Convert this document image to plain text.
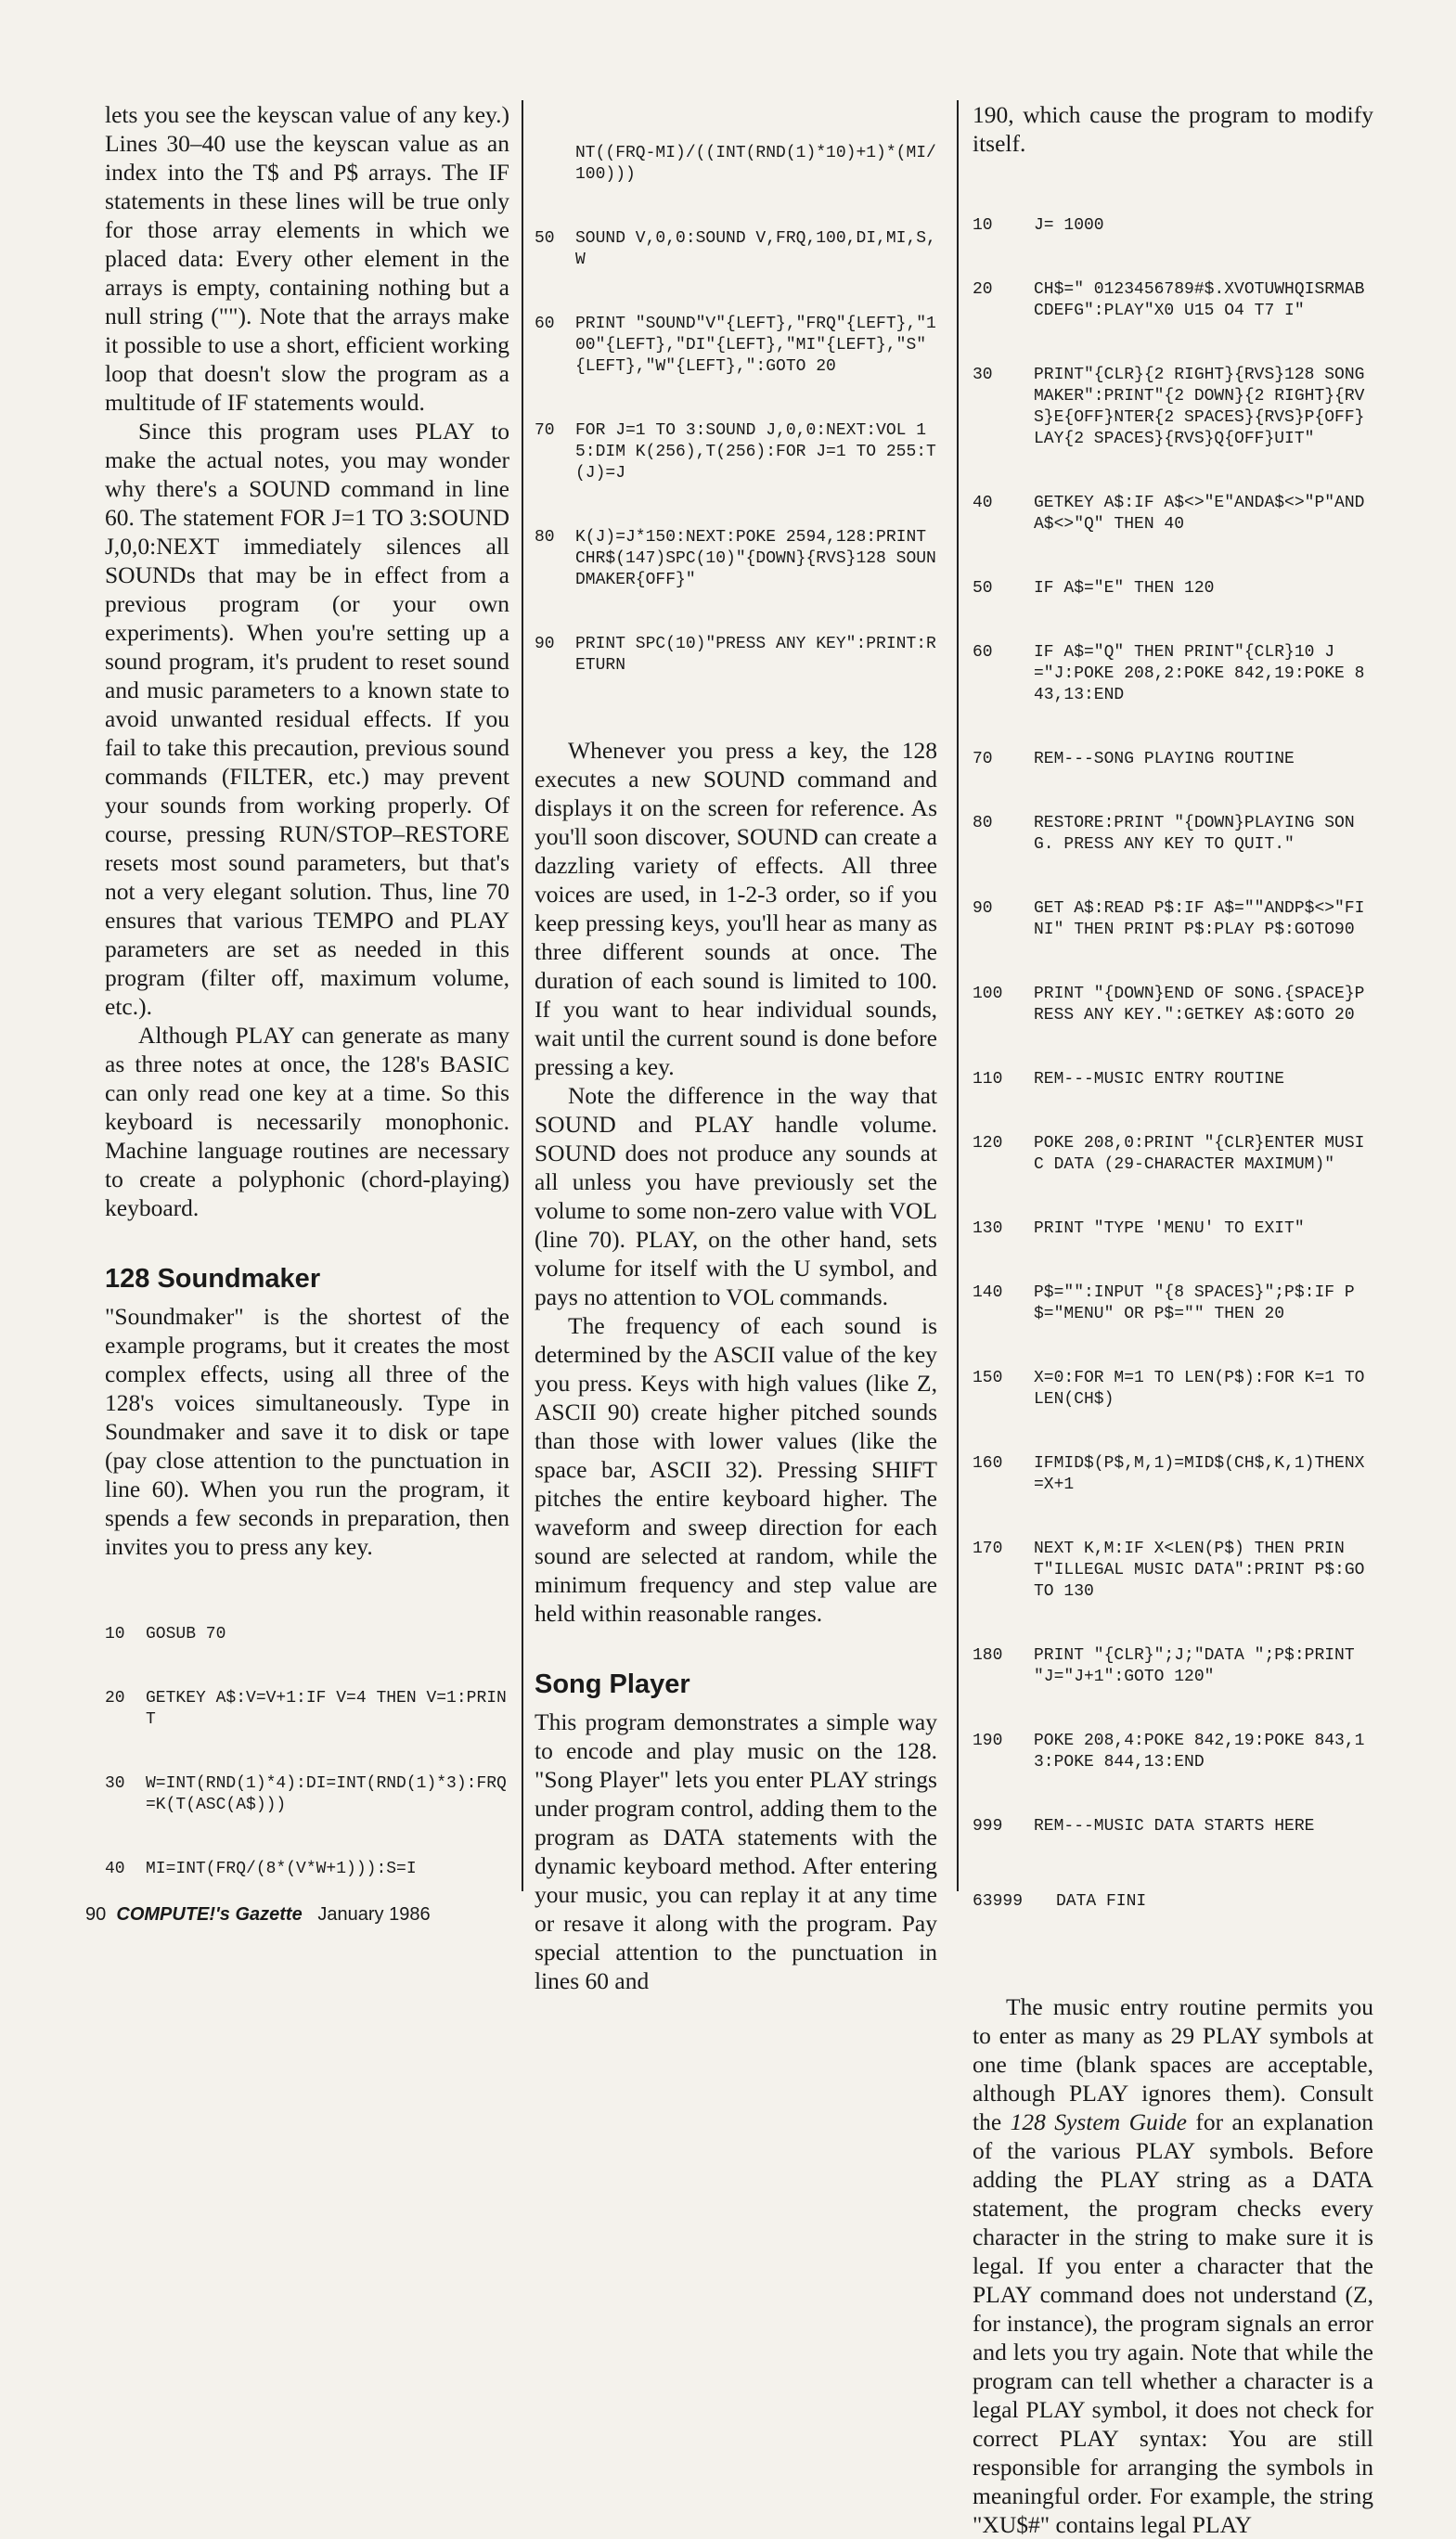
lets you see the keyscan value of any key.) Lines 30–40 use the keyscan value as an index into the T$ and P$ arrays. The IF statements in these lines will be true only for those array elements in which we placed data: Every other element in the arrays is empty, containing nothing but a null string (""). Note that the arrays make it possible to use a short, efficient working loop that doesn't slow the program as a multitude of IF statements would.

Since this program uses PLAY to make the actual notes, you may wonder why there's a SOUND command in line 60. The statement FOR J=1 TO 3:SOUND J,0,0:NEXT immediately silences all SOUNDs that may be in effect from a previous program (or your own experiments). When you're setting up a sound program, it's prudent to reset sound and music parameters to a known state to avoid unwanted residual effects. If you fail to take this precaution, previous sound commands (FILTER, etc.) may prevent your sounds from working properly. Of course, pressing RUN/STOP–RESTORE resets most sound parameters, but that's not a very elegant solution. Thus, line 70 ensures that various TEMPO and PLAY parameters are set as needed in this program (filter off, maximum volume, etc.).

Although PLAY can generate as many as three notes at once, the 128's BASIC can only read one key at a time. So this keyboard is necessarily monophonic. Machine language routines are necessary to create a polyphonic (chord-playing) keyboard.

128 Soundmaker

"Soundmaker" is the shortest of the example programs, but it creates the most complex effects, using all three of the 128's voices simultaneously. Type in Soundmaker and save it to disk or tape (pay close attention to the punctuation in line 60). When you run the program, it spends a few seconds in preparation, then invites you to press any key.

10	GOSUB 70

20	GETKEY A$:V=V+1:IF V=4 THEN V=1:PRINT

30	W=INT(RND(1)*4):DI=INT(RND(1)*3):FRQ=K(T(ASC(A$)))

40	MI=INT(FRQ/(8*(V*W+1))):S=I

NT((FRQ-MI)/((INT(RND(1)*10)+1)*(MI/100)))

50	SOUND V,0,0:SOUND V,FRQ,100,DI,MI,S,W

60	PRINT "SOUND"V"{LEFT},"FRQ"{LEFT},"100"{LEFT},"DI"{LEFT},"MI"{LEFT},"S"{LEFT},"W"{LEFT},":GOTO 20

70	FOR J=1 TO 3:SOUND J,0,0:NEXT:VOL 15:DIM K(256),T(256):FOR J=1 TO 255:T(J)=J

80	K(J)=J*150:NEXT:POKE 2594,128:PRINT CHR$(147)SPC(10)"{DOWN}{RVS}128 SOUNDMAKER{OFF}"

90	PRINT SPC(10)"PRESS ANY KEY":PRINT:RETURN

Whenever you press a key, the 128 executes a new SOUND command and displays it on the screen for reference. As you'll soon discover, SOUND can create a dazzling variety of effects. All three voices are used, in 1-2-3 order, so if you keep pressing keys, you'll hear as many as three different sounds at once. The duration of each sound is limited to 100. If you want to hear individual sounds, wait until the current sound is done before pressing a key.

Note the difference in the way that SOUND and PLAY handle volume. SOUND does not produce any sounds at all unless you have previously set the volume to some non-zero value with VOL (line 70). PLAY, on the other hand, sets volume for itself with the U symbol, and pays no attention to VOL commands.

The frequency of each sound is determined by the ASCII value of the key you press. Keys with high values (like Z, ASCII 90) create higher pitched sounds than those with lower values (like the space bar, ASCII 32). Pressing SHIFT pitches the entire keyboard higher. The waveform and sweep direction for each sound are selected at random, while the minimum frequency and step value are held within reasonable ranges.

Song Player

This program demonstrates a simple way to encode and play music on the 128. "Song Player" lets you enter PLAY strings under program control, adding them to the program as DATA statements with the dynamic keyboard method. After entering your music, you can replay it at any time or resave it along with the program. Pay special attention to the punctuation in lines 60 and

190, which cause the program to modify itself.

10	J= 1000

20	CH$=" 0123456789#$.XVOTUWHQISRMABCDEFG":PLAY"X0 U15 O4 T7 I"

30	PRINT"{CLR}{2 RIGHT}{RVS}128 SONG MAKER":PRINT"{2 DOWN}{2 RIGHT}{RVS}E{OFF}NTER{2 SPACES}{RVS}P{OFF}LAY{2 SPACES}{RVS}Q{OFF}UIT"

40	GETKEY A$:IF A$<>"E"ANDA$<>"P"ANDA$<>"Q" THEN 40

50	IF A$="E" THEN 120

60	IF A$="Q" THEN PRINT"{CLR}10 J="J:POKE 208,2:POKE 842,19:POKE 843,13:END

70	REM---SONG PLAYING ROUTINE

80	RESTORE:PRINT "{DOWN}PLAYING SONG. PRESS ANY KEY TO QUIT."

90	GET A$:READ P$:IF A$=""ANDP$<>"FINI" THEN PRINT P$:PLAY P$:GOTO90

100	PRINT "{DOWN}END OF SONG.{SPACE}PRESS ANY KEY.":GETKEY A$:GOTO 20

110	REM---MUSIC ENTRY ROUTINE

120	POKE 208,0:PRINT "{CLR}ENTER MUSIC DATA (29-CHARACTER MAXIMUM)"

130	PRINT "TYPE 'MENU' TO EXIT"

140	P$="":INPUT "{8 SPACES}";P$:IF P$="MENU" OR P$="" THEN 20

150	X=0:FOR M=1 TO LEN(P$):FOR K=1 TO LEN(CH$)

160	IFMID$(P$,M,1)=MID$(CH$,K,1)THENX=X+1

170	NEXT K,M:IF X<LEN(P$) THEN PRINT"ILLEGAL MUSIC DATA":PRINT P$:GOTO 130

180	PRINT "{CLR}";J;"DATA ";P$:PRINT "J="J+1":GOTO 120"

190	POKE 208,4:POKE 842,19:POKE 843,13:POKE 844,13:END

999	REM---MUSIC DATA STARTS HERE

63999	DATA FINI

The music entry routine permits you to enter as many as 29 PLAY symbols at one time (blank spaces are acceptable, although PLAY ignores them). Consult the 128 System Guide for an explanation of the various PLAY symbols. Before adding the PLAY string as a DATA statement, the program checks every character in the string to make sure it is legal. If you enter a character that the PLAY command does not understand (Z, for instance), the program signals an error and lets you try again. Note that while the program can tell whether a character is a legal PLAY symbol, it does not check for correct PLAY syntax: You are still responsible for arranging the symbols in meaningful order. For example, the string "XU$#" contains legal PLAY

90 COMPUTE!'s Gazette January 1986
